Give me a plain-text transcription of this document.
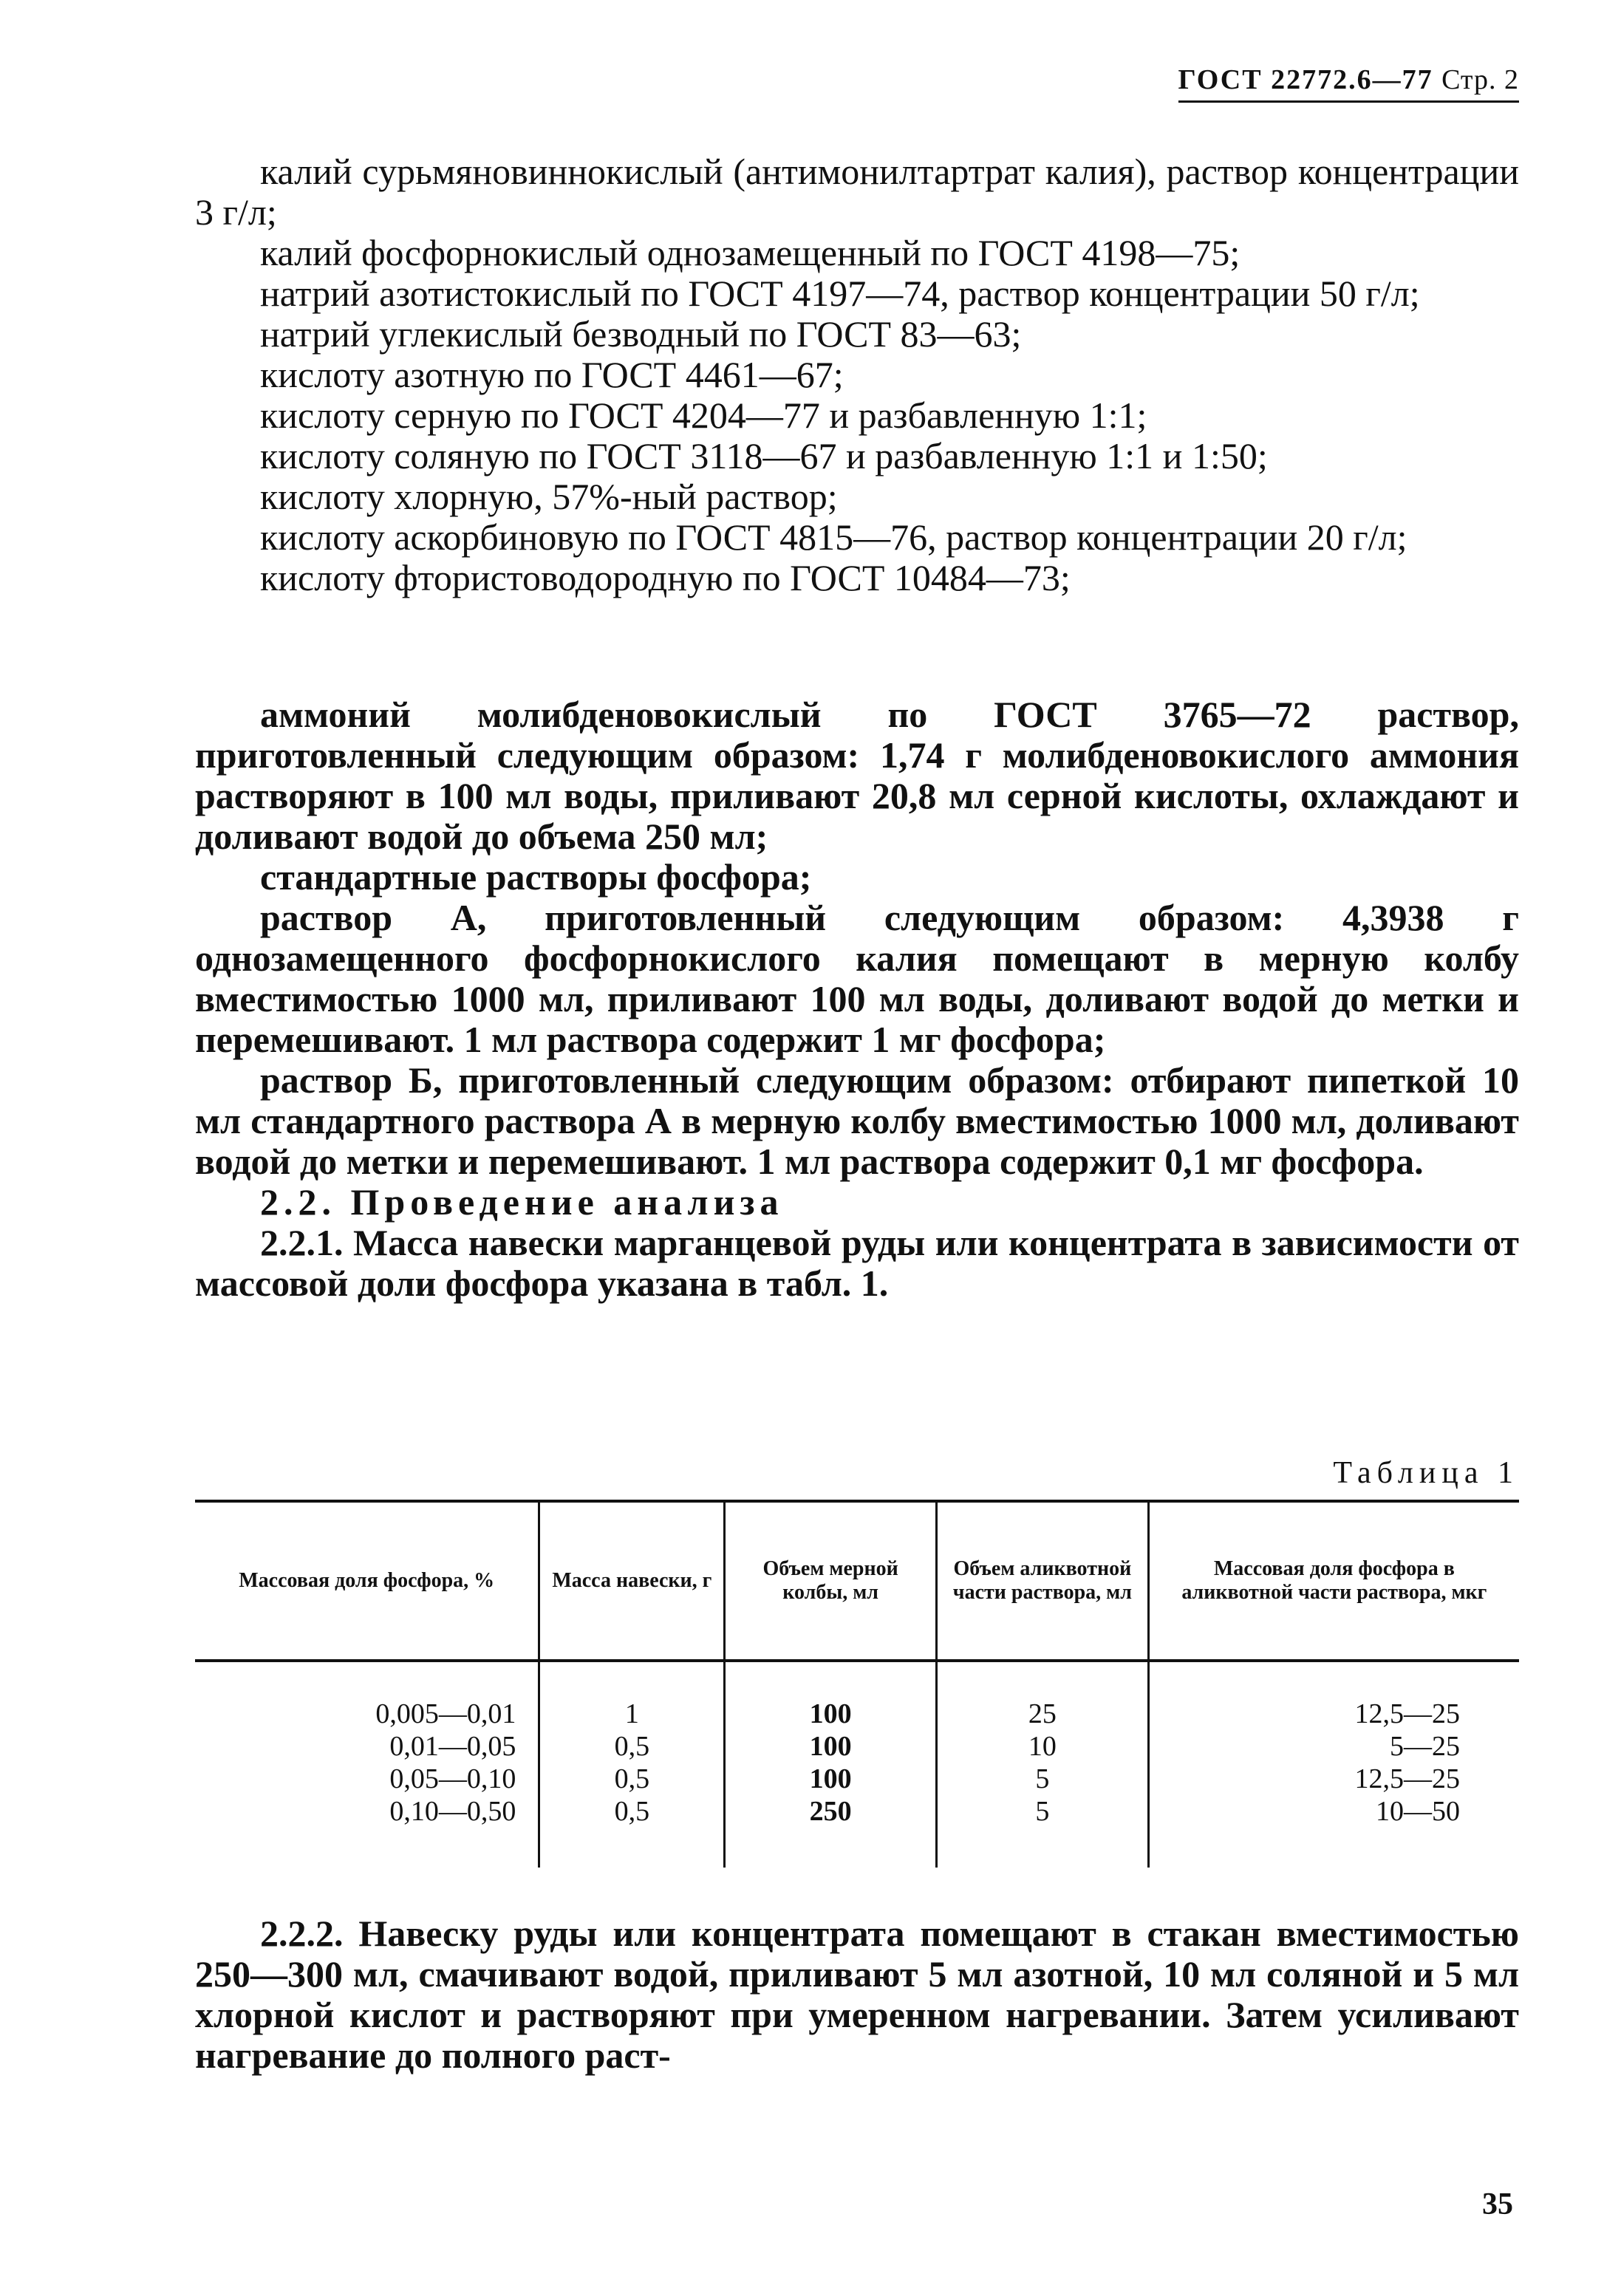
ГОСТ 22772.6—77 Стр. 2
калий сурьмяновиннокислый (антимонилтартрат калия), раствор концентрации 3 г/л;
калий фосфорнокислый однозамещенный по ГОСТ 4198—75;
натрий азотистокислый по ГОСТ 4197—74, раствор концентрации 50 г/л;
натрий углекислый безводный по ГОСТ 83—63;
кислоту азотную по ГОСТ 4461—67;
кислоту серную по ГОСТ 4204—77 и разбавленную 1:1;
кислоту соляную по ГОСТ 3118—67 и разбавленную 1:1 и 1:50;
кислоту хлорную, 57%-ный раствор;
кислоту аскорбиновую по ГОСТ 4815—76, раствор концентрации 20 г/л;
кислоту фтористоводородную по ГОСТ 10484—73;
аммоний молибденовокислый по ГОСТ 3765—72 раствор, приготовленный следующим образом: 1,74 г молибденовокислого аммония растворяют в 100 мл воды, приливают 20,8 мл серной кислоты, охлаждают и доливают водой до объема 250 мл;
стандартные растворы фосфора;
раствор А, приготовленный следующим образом: 4,3938 г однозамещенного фосфорнокислого калия помещают в мерную колбу вместимостью 1000 мл, приливают 100 мл воды, доливают водой до метки и перемешивают. 1 мл раствора содержит 1 мг фосфора;
раствор Б, приготовленный следующим образом: отбирают пипеткой 10 мл стандартного раствора А в мерную колбу вместимостью 1000 мл, доливают водой до метки и перемешивают. 1 мл раствора содержит 0,1 мг фосфора.
2.2. Проведение анализа
2.2.1. Масса навески марганцевой руды или концентрата в зависимости от массовой доли фосфора указана в табл. 1.
Таблица 1
Массовая доля фосфора, %	Масса навески, г	Объем мерной колбы, мл	Объем аликвотной части раствора, мл	Массовая доля фосфора в аликвотной части раствора, мкг
0,005—0,01	1	100	25	12,5—25
0,01—0,05	0,5	100	10	5—25
0,05—0,10	0,5	100	5	12,5—25
0,10—0,50	0,5	250	5	10—50
2.2.2. Навеску руды или концентрата помещают в стакан вместимостью 250—300 мл, смачивают водой, приливают 5 мл азотной, 10 мл соляной и 5 мл хлорной кислот и растворяют при умеренном нагревании. Затем усиливают нагревание до полного раст-
35
